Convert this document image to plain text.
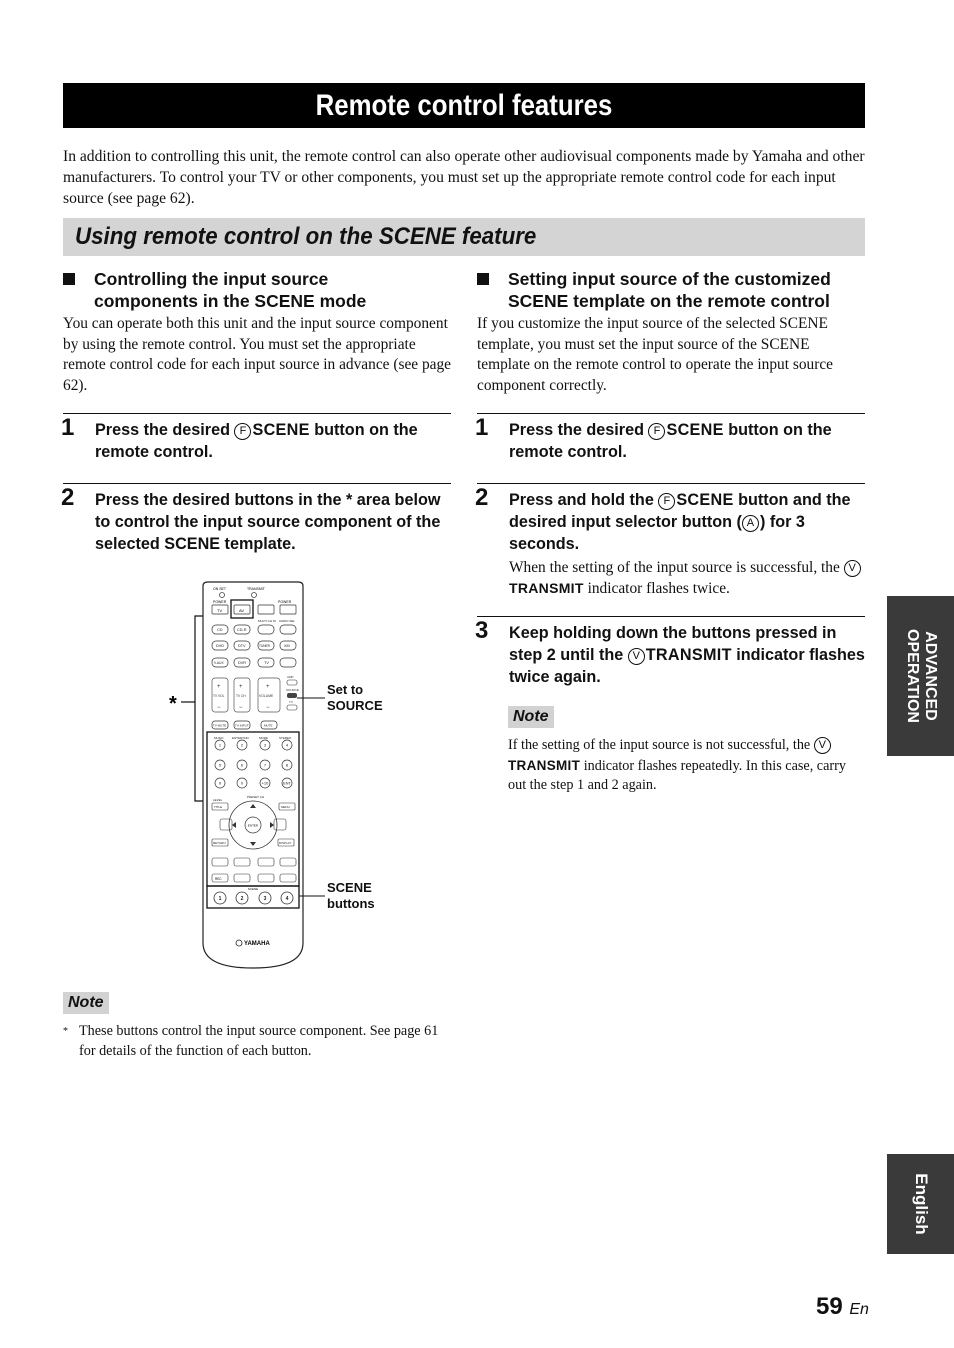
Remote control features

In addition to controlling this unit, the remote control can also operate other audiovisual components made by Yamaha and other manufacturers. To control your TV or other components, you must set up the appropriate remote control code for each input source (see page 62).

Using remote control on the SCENE feature
Controlling the input source
components in the SCENE mode

You can operate both this unit and the input source component by using the remote control. You must set the appropriate remote control code for each input source in advance (see page 62).

1 Press the desired F SCENE button on the remote control.
2 Press the desired buttons in the * area below to control the input source component of the selected SCENE template.
*
ON SET	TRANSMIT
POWER	POWER
TV	AV
CD	CD-R
MULTI CH IN AUDIO SEL
DVD	DTV	TUNER	XM
V-AUX	DVR	TV
+
−
TV VOL
+
−
TV CH
+
−
VOLUME
AMP
SOURCE
TV
TV MUTE	TV INPUT	MUTE
MUSIC	ENTERTAIN	MODE	STEREO
1	2	3	4
5	6	7	8
9	0	+10	ENT
PRESET CH
LEVEL
TITLE	MENU
ENTER
RETURN	DISPLAY
REC
SCENE
1	2	3	4
YAMAHA
Set to
SOURCE
SCENE
buttons
Note
* These buttons control the input source component. See page 61 for details of the function of each button.
Setting input source of the customized
SCENE template on the remote control

If you customize the input source of the selected SCENE template, you must set the input source of the SCENE template on the remote control to operate the input source component correctly.

1 Press the desired F SCENE button on the remote control.
2 Press and hold the F SCENE button and the desired input selector button ( A ) for 3 seconds.
When the setting of the input source is successful, the VTRANSMIT indicator flashes twice.
3 Keep holding down the buttons pressed in step 2 until the V TRANSMIT indicator flashes twice again.
Note
If the setting of the input source is not successful, the VTRANSMIT indicator flashes repeatedly. In this case, carry out the step 1 and 2 again.
ADVANCED
OPERATION
English
59 En
